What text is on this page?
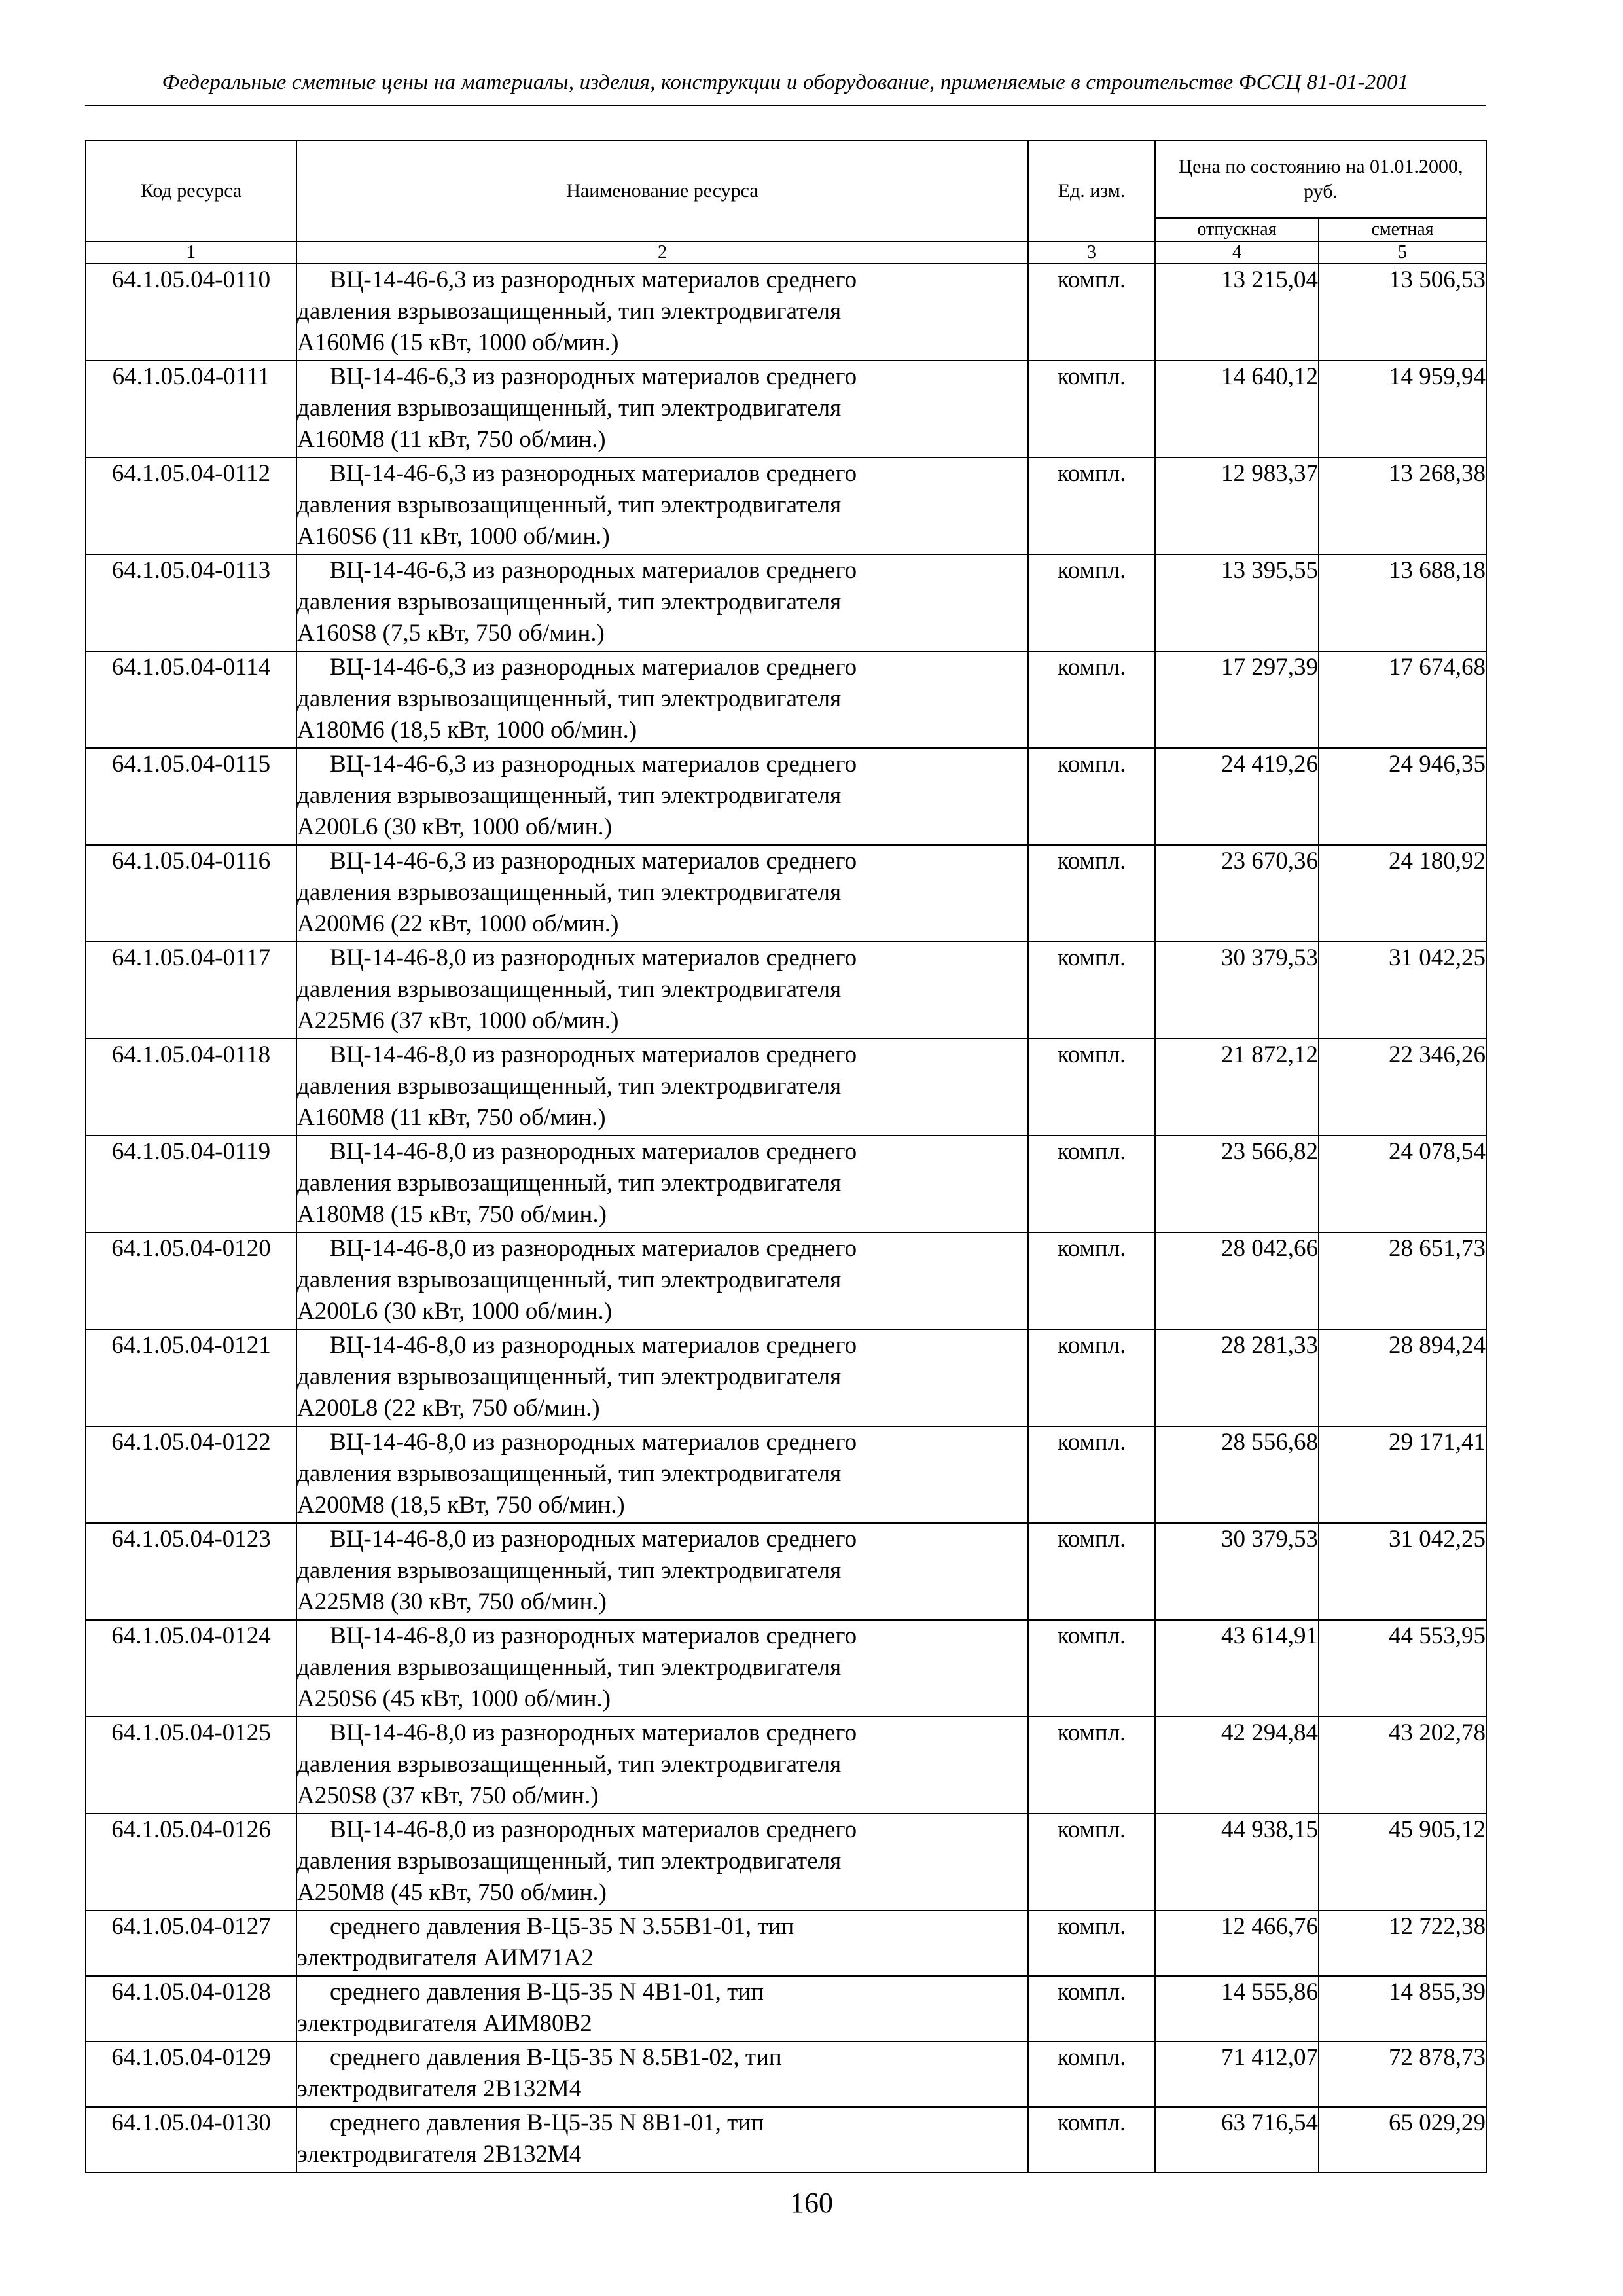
Федеральные сметные цены на материалы, изделия, конструкции и оборудование, применяемые в строительстве ФССЦ 81-01-2001
Код ресурса	Наименование ресурса	Ед. изм.	Цена по состоянию на 01.01.2000, руб.	
			отпускная	сметная
1	2	3	4	5
64.1.05.04-0110	ВЦ-14-46-6,3 из разнородных материалов среднего
давления взрывозащищенный, тип электродвигателя
А160М6 (15 кВт, 1000 об/мин.)	компл.	13 215,04	13 506,53
64.1.05.04-0111	ВЦ-14-46-6,3 из разнородных материалов среднего
давления взрывозащищенный, тип электродвигателя
А160М8 (11 кВт, 750 об/мин.)	компл.	14 640,12	14 959,94
64.1.05.04-0112	ВЦ-14-46-6,3 из разнородных материалов среднего
давления взрывозащищенный, тип электродвигателя
А160S6 (11 кВт, 1000 об/мин.)	компл.	12 983,37	13 268,38
64.1.05.04-0113	ВЦ-14-46-6,3 из разнородных материалов среднего
давления взрывозащищенный, тип электродвигателя
А160S8 (7,5 кВт, 750 об/мин.)	компл.	13 395,55	13 688,18
64.1.05.04-0114	ВЦ-14-46-6,3 из разнородных материалов среднего
давления взрывозащищенный, тип электродвигателя
А180М6 (18,5 кВт, 1000 об/мин.)	компл.	17 297,39	17 674,68
64.1.05.04-0115	ВЦ-14-46-6,3 из разнородных материалов среднего
давления взрывозащищенный, тип электродвигателя
А200L6 (30 кВт, 1000 об/мин.)	компл.	24 419,26	24 946,35
64.1.05.04-0116	ВЦ-14-46-6,3 из разнородных материалов среднего
давления взрывозащищенный, тип электродвигателя
А200М6 (22 кВт, 1000 об/мин.)	компл.	23 670,36	24 180,92
64.1.05.04-0117	ВЦ-14-46-8,0 из разнородных материалов среднего
давления взрывозащищенный, тип электродвигателя
А225М6 (37 кВт, 1000 об/мин.)	компл.	30 379,53	31 042,25
64.1.05.04-0118	ВЦ-14-46-8,0 из разнородных материалов среднего
давления взрывозащищенный, тип электродвигателя
А160М8 (11 кВт, 750 об/мин.)	компл.	21 872,12	22 346,26
64.1.05.04-0119	ВЦ-14-46-8,0 из разнородных материалов среднего
давления взрывозащищенный, тип электродвигателя
А180М8 (15 кВт, 750 об/мин.)	компл.	23 566,82	24 078,54
64.1.05.04-0120	ВЦ-14-46-8,0 из разнородных материалов среднего
давления взрывозащищенный, тип электродвигателя
А200L6 (30 кВт, 1000 об/мин.)	компл.	28 042,66	28 651,73
64.1.05.04-0121	ВЦ-14-46-8,0 из разнородных материалов среднего
давления взрывозащищенный, тип электродвигателя
А200L8 (22 кВт, 750 об/мин.)	компл.	28 281,33	28 894,24
64.1.05.04-0122	ВЦ-14-46-8,0 из разнородных материалов среднего
давления взрывозащищенный, тип электродвигателя
А200М8 (18,5 кВт, 750 об/мин.)	компл.	28 556,68	29 171,41
64.1.05.04-0123	ВЦ-14-46-8,0 из разнородных материалов среднего
давления взрывозащищенный, тип электродвигателя
А225М8 (30 кВт, 750 об/мин.)	компл.	30 379,53	31 042,25
64.1.05.04-0124	ВЦ-14-46-8,0 из разнородных материалов среднего
давления взрывозащищенный, тип электродвигателя
А250S6 (45 кВт, 1000 об/мин.)	компл.	43 614,91	44 553,95
64.1.05.04-0125	ВЦ-14-46-8,0 из разнородных материалов среднего
давления взрывозащищенный, тип электродвигателя
А250S8 (37 кВт, 750 об/мин.)	компл.	42 294,84	43 202,78
64.1.05.04-0126	ВЦ-14-46-8,0 из разнородных материалов среднего
давления взрывозащищенный, тип электродвигателя
А250М8 (45 кВт, 750 об/мин.)	компл.	44 938,15	45 905,12
64.1.05.04-0127	среднего давления В-Ц5-35 N 3.55В1-01, тип
электродвигателя АИМ71А2	компл.	12 466,76	12 722,38
64.1.05.04-0128	среднего давления В-Ц5-35 N 4В1-01, тип
электродвигателя АИМ80В2	компл.	14 555,86	14 855,39
64.1.05.04-0129	среднего давления В-Ц5-35 N 8.5В1-02, тип
электродвигателя 2В132М4	компл.	71 412,07	72 878,73
64.1.05.04-0130	среднего давления В-Ц5-35 N 8В1-01, тип
электродвигателя 2В132М4	компл.	63 716,54	65 029,29
160
